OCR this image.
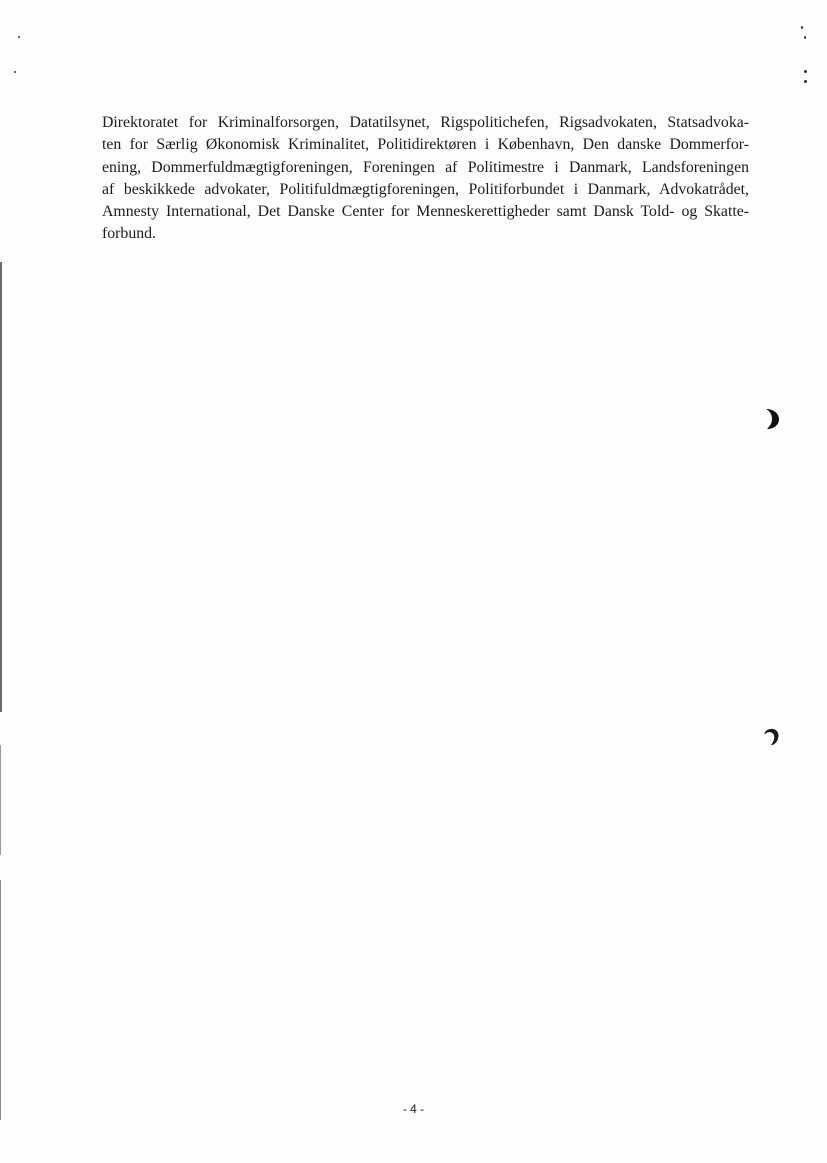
Direktoratet for Kriminalforsorgen, Datatilsynet, Rigspolitichefen, Rigsadvokaten, Statsadvoka-
ten for Særlig Økonomisk Kriminalitet, Politidirektøren i København, Den danske Dommerfor-
ening, Dommerfuldmægtigforeningen, Foreningen af Politimestre i Danmark, Landsforeningen
af beskikkede advokater, Politifuldmægtigforeningen, Politiforbundet i Danmark, Advokatrådet,
Amnesty International, Det Danske Center for Menneskerettigheder samt Dansk Told- og Skatte-
forbund.

- 4 -
